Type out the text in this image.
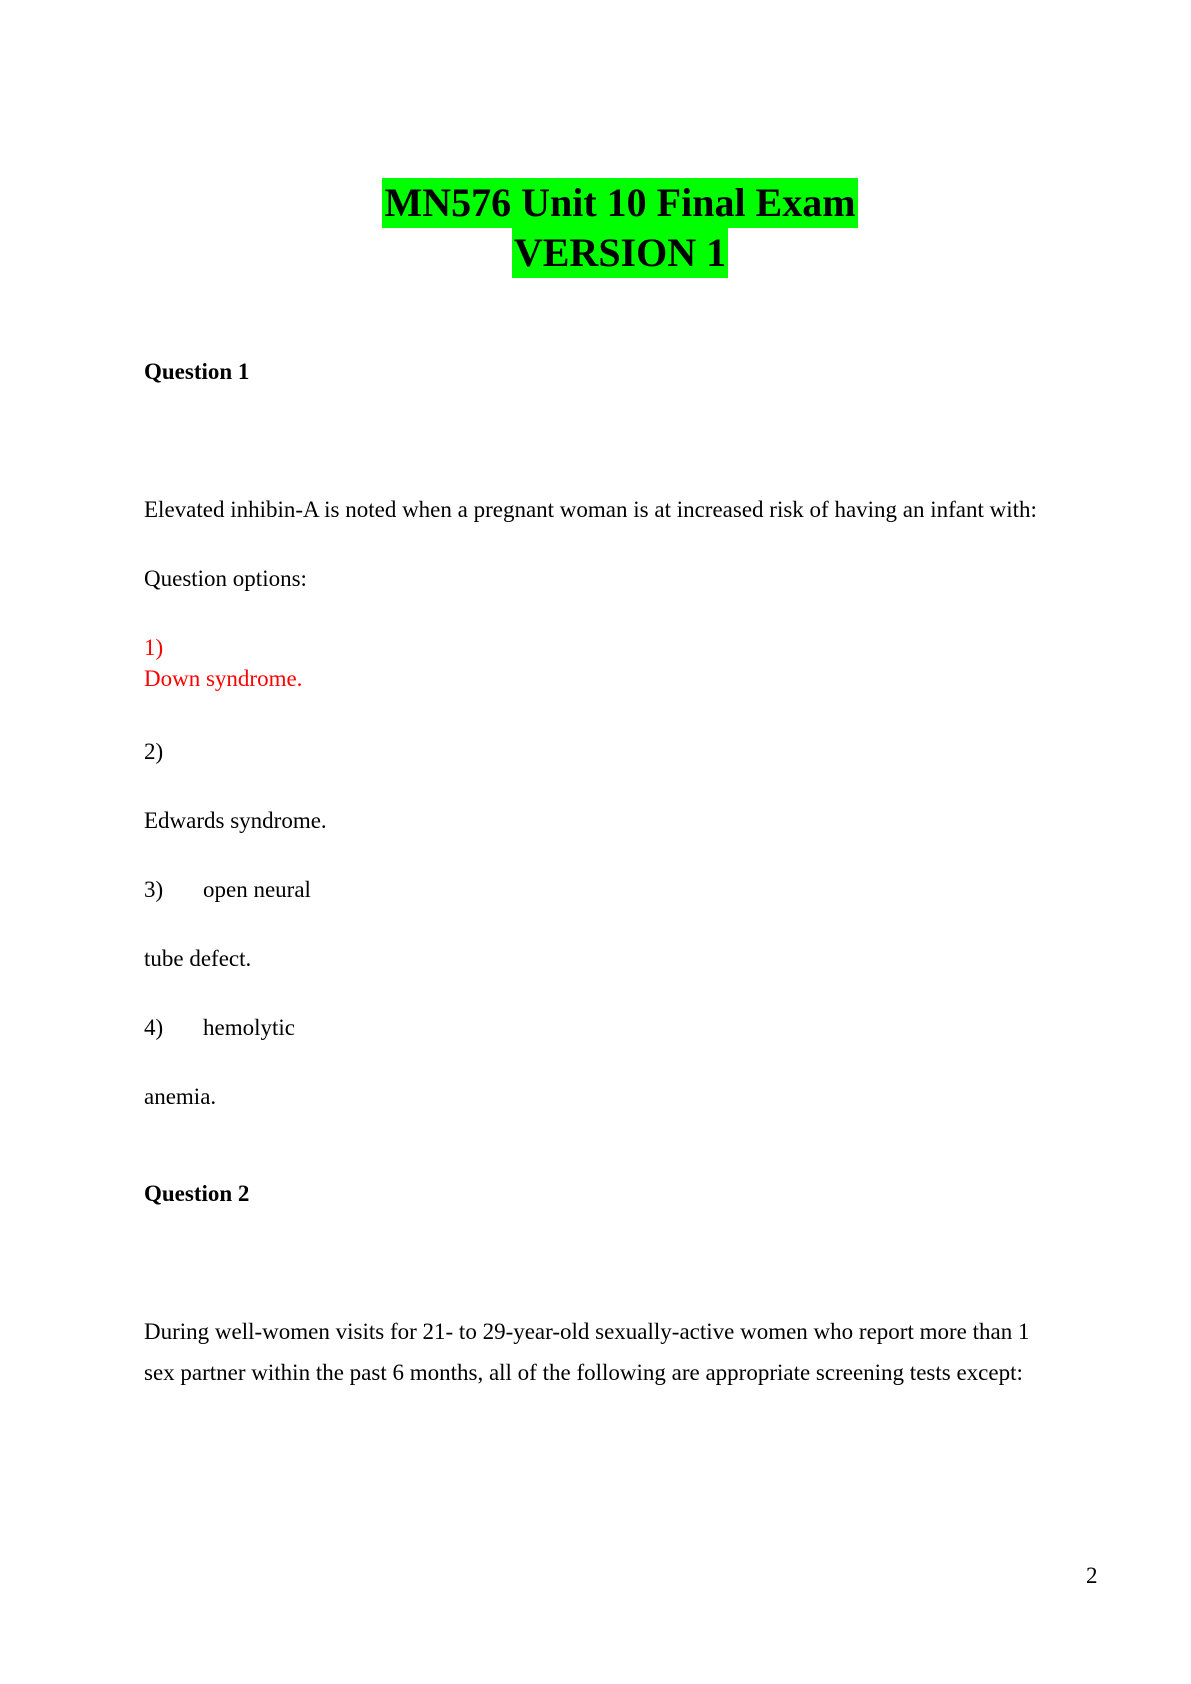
MN576 Unit 10 Final Exam
VERSION 1
Question 1
Elevated inhibin-A is noted when a pregnant woman is at increased risk of having an infant with:
Question options:
1)
Down syndrome.
2)
Edwards syndrome.
3) open neural
tube defect.
4) hemolytic
anemia.
Question 2
During well-women visits for 21- to 29-year-old sexually-active women who report more than 1
sex partner within the past 6 months, all of the following are appropriate screening tests except:
2
